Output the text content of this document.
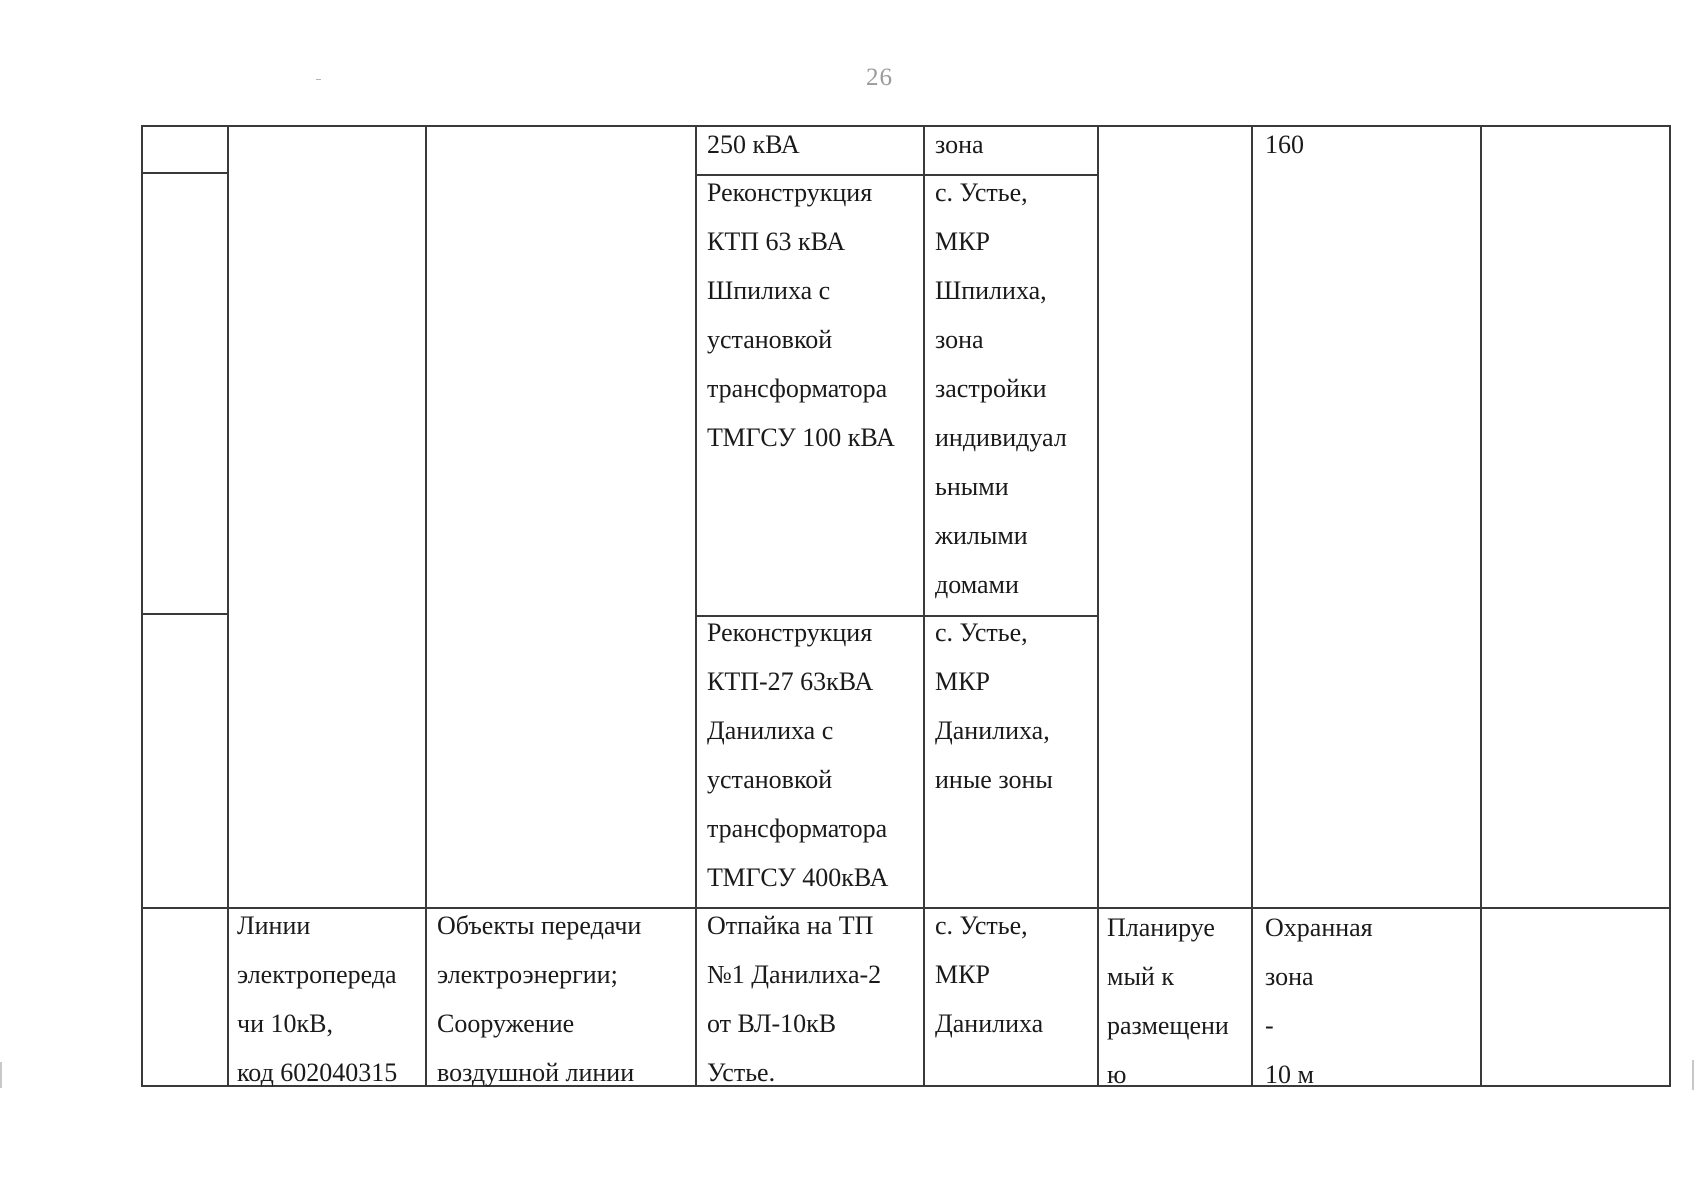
26
250 кВА	зона	160
Реконструкция
КТП 63 кВА
Шпилиха с
установкой
трансформатора
ТМГСУ 100 кВА
с. Устье,
МКР
Шпилиха,
зона
застройки
индивидуал
ьными
жилыми
домами
Реконструкция
КТП-27 63кВА
Данилиха с
установкой
трансформатора
ТМГСУ 400кВА
с. Устье,
МКР
Данилиха,
иные зоны
Линии
электропереда
чи 10кВ,
код 602040315
Объекты передачи
электроэнергии;
Сооружение
воздушной линии
Отпайка на ТП
№1 Данилиха-2
от ВЛ-10кВ
Устье.
с. Устье,
МКР
Данилиха
Планируе
мый к
размещени
ю
Охранная
зона
-
10 м
